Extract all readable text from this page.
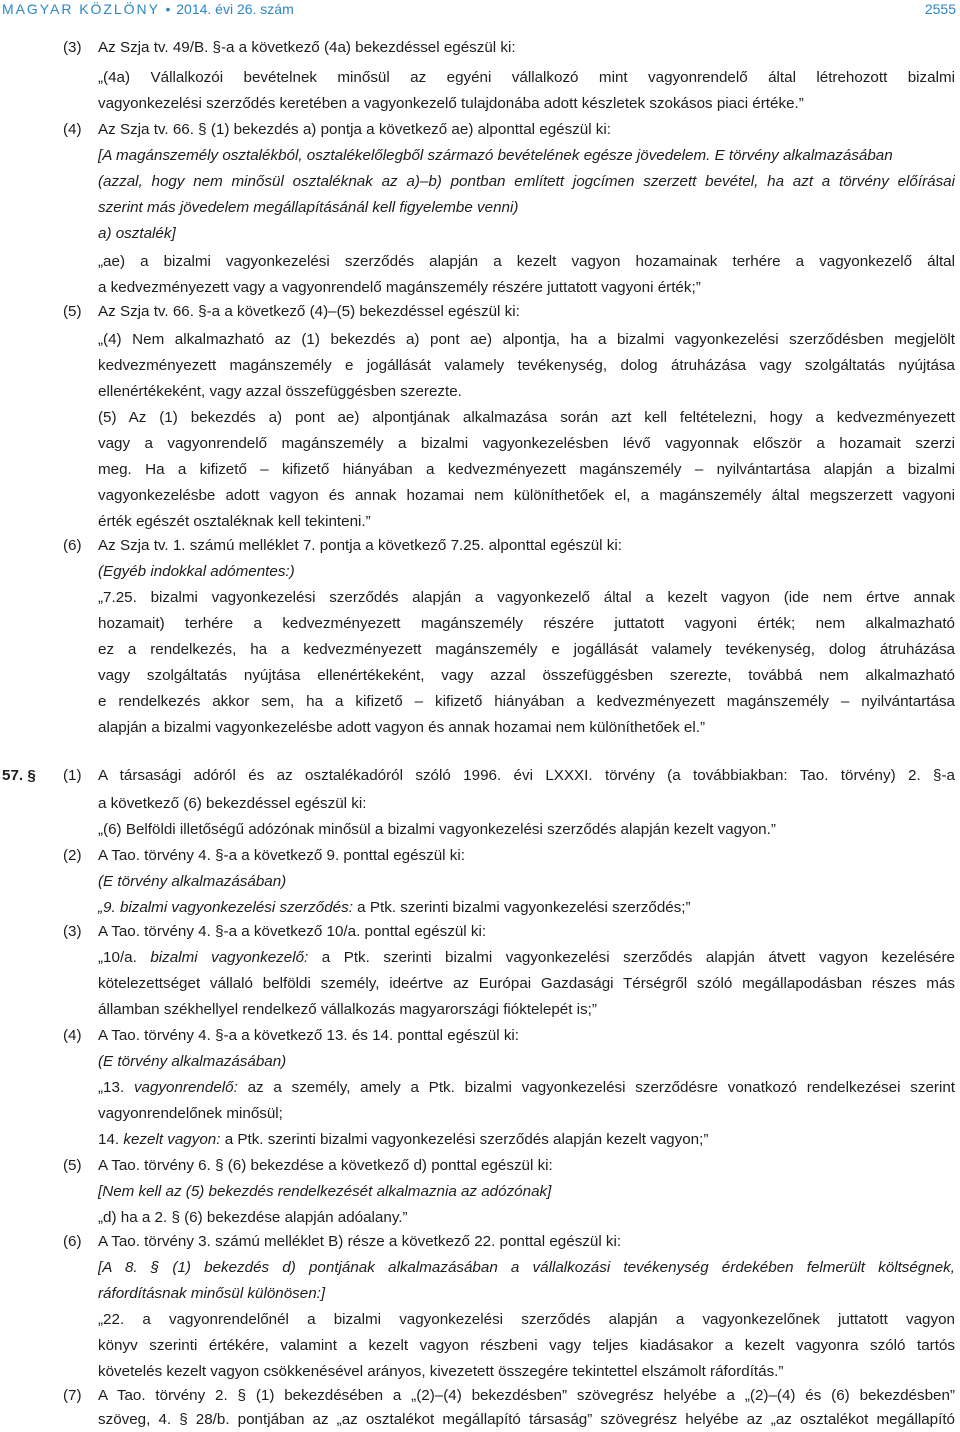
MAGYAR KÖZLÖNY • 2014. évi 26. szám	2555
(3) Az Szja tv. 49/B. §-a a következő (4a) bekezdéssel egészül ki:
„(4a) Vállalkozói bevételnek minősül az egyéni vállalkozó mint vagyonrendelő által létrehozott bizalmi
vagyonkezelési szerződés keretében a vagyonkezelő tulajdonába adott készletek szokásos piaci értéke.”
(4) Az Szja tv. 66. § (1) bekezdés a) pontja a következő ae) alponttal egészül ki:
[A magánszemély osztalékból, osztalékelőlegből származó bevételének egésze jövedelem. E törvény alkalmazásában
(azzal, hogy nem minősül osztaléknak az a)–b) pontban említett jogcímen szerzett bevétel, ha azt a törvény előírásai
szerint más jövedelem megállapításánál kell figyelembe venni)
a) osztalék]
„ae) a bizalmi vagyonkezelési szerződés alapján a kezelt vagyon hozamainak terhére a vagyonkezelő által
a kedvezményezett vagy a vagyonrendelő magánszemély részére juttatott vagyoni érték;”
(5) Az Szja tv. 66. §-a a következő (4)–(5) bekezdéssel egészül ki:
„(4) Nem alkalmazható az (1) bekezdés a) pont ae) alpontja, ha a bizalmi vagyonkezelési szerződésben megjelölt
kedvezményezett magánszemély e jogállását valamely tevékenység, dolog átruházása vagy szolgáltatás nyújtása
ellenértékeként, vagy azzal összefüggésben szerezte.
(5) Az (1) bekezdés a) pont ae) alpontjának alkalmazása során azt kell feltételezni, hogy a kedvezményezett
vagy a vagyonrendelő magánszemély a bizalmi vagyonkezelésben lévő vagyonnak először a hozamait szerzi
meg. Ha a kifizető – kifizető hiányában a kedvezményezett magánszemély – nyilvántartása alapján a bizalmi
vagyonkezelésbe adott vagyon és annak hozamai nem különíthetőek el, a magánszemély által megszerzett vagyoni
érték egészét osztaléknak kell tekinteni.”
(6) Az Szja tv. 1. számú melléklet 7. pontja a következő 7.25. alponttal egészül ki:
(Egyéb indokkal adómentes:)
„7.25. bizalmi vagyonkezelési szerződés alapján a vagyonkezelő által a kezelt vagyon (ide nem értve annak
hozamait) terhére a kedvezményezett magánszemély részére juttatott vagyoni érték; nem alkalmazható
ez a rendelkezés, ha a kedvezményezett magánszemély e jogállását valamely tevékenység, dolog átruházása
vagy szolgáltatás nyújtása ellenértékeként, vagy azzal összefüggésben szerezte, továbbá nem alkalmazható
e rendelkezés akkor sem, ha a kifizető – kifizető hiányában a kedvezményezett magánszemély – nyilvántartása
alapján a bizalmi vagyonkezelésbe adott vagyon és annak hozamai nem különíthetőek el.”
57. § (1) A társasági adóról és az osztalékadóról szóló 1996. évi LXXXI. törvény (a továbbiakban: Tao. törvény) 2. §-a
a következő (6) bekezdéssel egészül ki:
„(6) Belföldi illetőségű adózónak minősül a bizalmi vagyonkezelési szerződés alapján kezelt vagyon.”
(2) A Tao. törvény 4. §-a a következő 9. ponttal egészül ki:
(E törvény alkalmazásában)
„9. bizalmi vagyonkezelési szerződés: a Ptk. szerinti bizalmi vagyonkezelési szerződés;”
(3) A Tao. törvény 4. §-a a következő 10/a. ponttal egészül ki:
„10/a. bizalmi vagyonkezelő: a Ptk. szerinti bizalmi vagyonkezelési szerződés alapján átvett vagyon kezelésére
kötelezettséget vállaló belföldi személy, ideértve az Európai Gazdasági Térségről szóló megállapodásban részes más
államban székhellyel rendelkező vállalkozás magyarországi fióktelepét is;”
(4) A Tao. törvény 4. §-a a következő 13. és 14. ponttal egészül ki:
(E törvény alkalmazásában)
„13. vagyonrendelő: az a személy, amely a Ptk. bizalmi vagyonkezelési szerződésre vonatkozó rendelkezései szerint
vagyonrendelőnek minősül;
14. kezelt vagyon: a Ptk. szerinti bizalmi vagyonkezelési szerződés alapján kezelt vagyon;”
(5) A Tao. törvény 6. § (6) bekezdése a következő d) ponttal egészül ki:
[Nem kell az (5) bekezdés rendelkezését alkalmaznia az adózónak]
„d) ha a 2. § (6) bekezdése alapján adóalany.”
(6) A Tao. törvény 3. számú melléklet B) része a következő 22. ponttal egészül ki:
[A 8. § (1) bekezdés d) pontjának alkalmazásában a vállalkozási tevékenység érdekében felmerült költségnek,
ráfordításnak minősül különösen:]
„22. a vagyonrendelőnél a bizalmi vagyonkezelési szerződés alapján a vagyonkezelőnek juttatott vagyon
könyv szerinti értékére, valamint a kezelt vagyon részbeni vagy teljes kiadásakor a kezelt vagyonra szóló tartós
követelés kezelt vagyon csökkenésével arányos, kivezetett összegére tekintettel elszámolt ráfordítás.”
(7) A Tao. törvény 2. § (1) bekezdésében a „(2)–(4) bekezdésben” szövegrész helyébe a „(2)–(4) és (6) bekezdésben”
szöveg, 4. § 28/b. pontjában az „az osztalékot megállapító társaság” szövegrész helyébe az „az osztalékot megállapító
